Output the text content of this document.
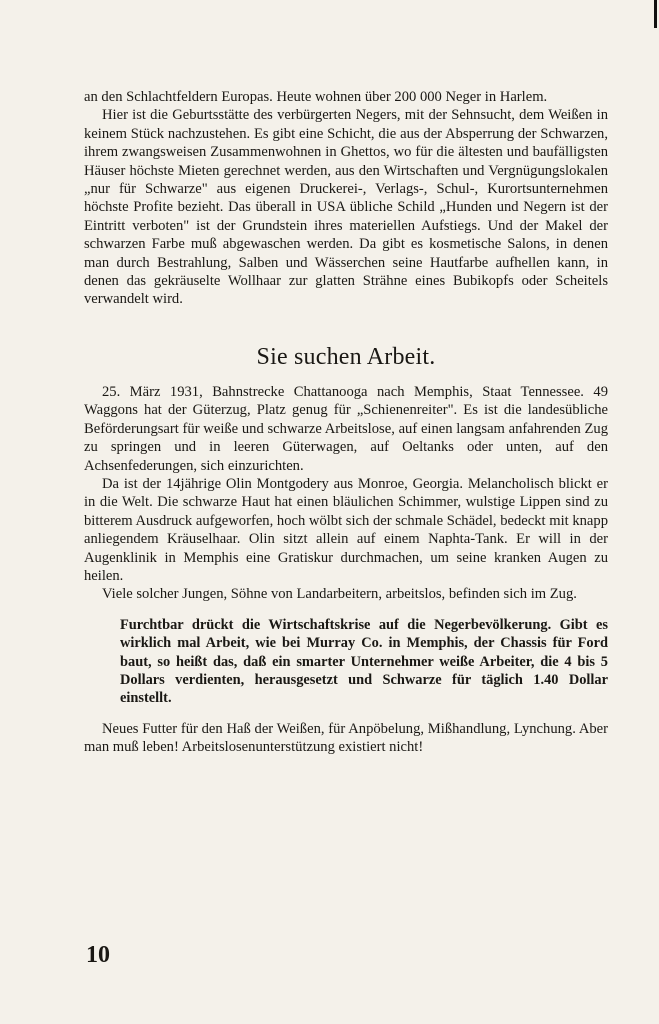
an den Schlachtfeldern Europas. Heute wohnen über 200 000 Neger in Harlem.

Hier ist die Geburtsstätte des verbürgerten Negers, mit der Sehnsucht, dem Weißen in keinem Stück nachzustehen. Es gibt eine Schicht, die aus der Absperrung der Schwarzen, ihrem zwangsweisen Zusammenwohnen in Ghettos, wo für die ältesten und baufälligsten Häuser höchste Mieten gerechnet werden, aus den Wirtschaften und Vergnügungslokalen „nur für Schwarze" aus eigenen Druckerei-, Verlags-, Schul-, Kurortsunternehmen höchste Profite bezieht. Das überall in USA übliche Schild „Hunden und Negern ist der Eintritt verboten" ist der Grundstein ihres materiellen Aufstiegs. Und der Makel der schwarzen Farbe muß abgewaschen werden. Da gibt es kosmetische Salons, in denen man durch Bestrahlung, Salben und Wässerchen seine Hautfarbe aufhellen kann, in denen das gekräuselte Wollhaar zur glatten Strähne eines Bubikopfs oder Scheitels verwandelt wird.

Sie suchen Arbeit.

25. März 1931, Bahnstrecke Chattanooga nach Memphis, Staat Tennessee. 49 Waggons hat der Güterzug, Platz genug für „Schienenreiter". Es ist die landesübliche Beförderungsart für weiße und schwarze Arbeitslose, auf einen langsam anfahrenden Zug zu springen und in leeren Güterwagen, auf Oeltanks oder unten, auf den Achsenfederungen, sich einzurichten.

Da ist der 14jährige Olin Montgodery aus Monroe, Georgia. Melancholisch blickt er in die Welt. Die schwarze Haut hat einen bläulichen Schimmer, wulstige Lippen sind zu bitterem Ausdruck aufgeworfen, hoch wölbt sich der schmale Schädel, bedeckt mit knapp anliegendem Kräuselhaar. Olin sitzt allein auf einem Naphta-Tank. Er will in der Augenklinik in Memphis eine Gratiskur durchmachen, um seine kranken Augen zu heilen.

Viele solcher Jungen, Söhne von Landarbeitern, arbeitslos, befinden sich im Zug.

Furchtbar drückt die Wirtschaftskrise auf die Negerbevölkerung. Gibt es wirklich mal Arbeit, wie bei Murray Co. in Memphis, der Chassis für Ford baut, so heißt das, daß ein smarter Unternehmer weiße Arbeiter, die 4 bis 5 Dollars verdienten, herausgesetzt und Schwarze für täglich 1.40 Dollar einstellt.

Neues Futter für den Haß der Weißen, für Anpöbelung, Mißhandlung, Lynchung. Aber man muß leben! Arbeitslosenunterstützung existiert nicht!

10
